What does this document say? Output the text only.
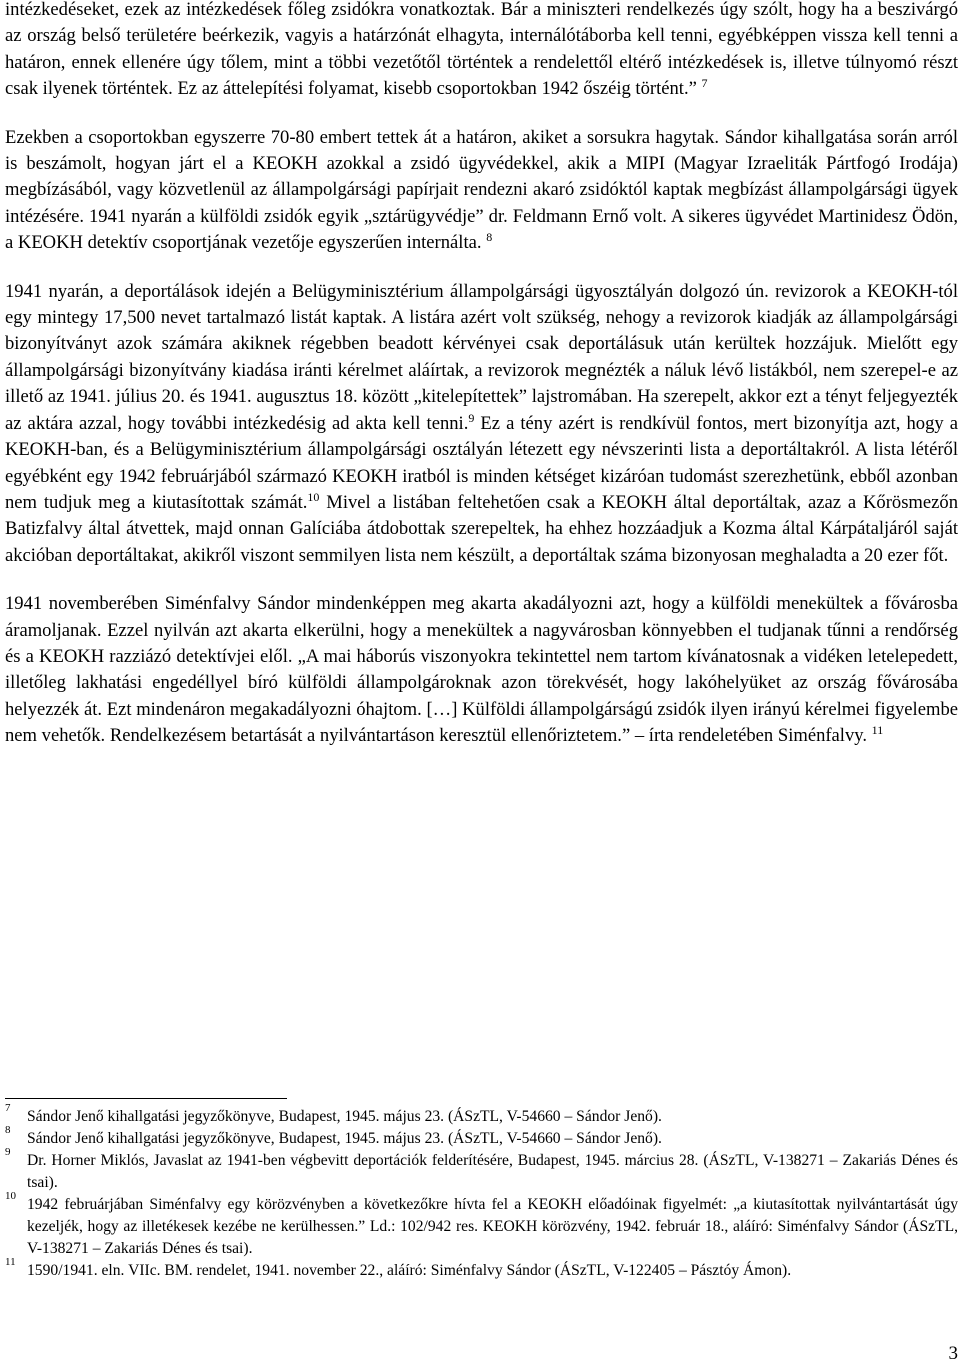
intézkedéseket, ezek az intézkedések főleg zsidókra vonatkoztak. Bár a miniszteri rendelkezés úgy szólt, hogy ha a beszivárgó az ország belső területére beérkezik, vagyis a határzónát elhagyta, internálótáborba kell tenni, egyébképpen vissza kell tenni a határon, ennek ellenére úgy tőlem, mint a többi vezetőtől történtek a rendelettől eltérő intézkedések is, illetve túlnyomó részt csak ilyenek történtek. Ez az áttelepítési folyamat, kisebb csoportokban 1942 őszéig történt.” $^7$

Ezekben a csoportokban egyszerre 70-80 embert tettek át a határon, akiket a sorsukra hagytak. Sándor kihallgatása során arról is beszámolt, hogyan járt el a KEOKH azokkal a zsidó ügyvédekkel, akik a MIPI (Magyar Izraeliták Pártfogó Irodája) megbízásából, vagy közvetlenül az állampolgársági papírjait rendezni akaró zsidóktól kaptak megbízást állampolgársági ügyek intézésére. 1941 nyarán a külföldi zsidók egyik „sztárügyvédje” dr. Feldmann Ernő volt. A sikeres ügyvédet Martinidesz Ödön, a KEOKH detektív csoportjának vezetője egyszerűen internálta. $^8$

1941 nyarán, a deportálások idején a Belügyminisztérium állampolgársági ügyosztályán dolgozó ún. revizorok a KEOKH-tól egy mintegy 17,500 nevet tartalmazó listát kaptak. A listára azért volt szükség, nehogy a revizorok kiadják az állampolgársági bizonyítványt azok számára akiknek régebben beadott kérvényei csak deportálásuk után kerültek hozzájuk. Mielőtt egy állampolgársági bizonyítvány kiadása iránti kérelmet aláírtak, a revizorok megnézték a náluk lévő listákból, nem szerepel-e az illető az 1941. július 20. és 1941. augusztus 18. között „kitelepítettek” lajstromában. Ha szerepelt, akkor ezt a tényt feljegyezték az aktára azzal, hogy további intézkedésig ad akta kell tenni.$^9$ Ez a tény azért is rendkívül fontos, mert bizonyítja azt, hogy a KEOKH-ban, és a Belügyminisztérium állampolgársági osztályán létezett egy névszerinti lista a deportáltakról. A lista létéről egyébként egy 1942 februárjából származó KEOKH iratból is minden kétséget kizáróan tudomást szerezhetünk, ebből azonban nem tudjuk meg a kiutasítottak számát.$^{10}$ Mivel a listában feltehetően csak a KEOKH által deportáltak, azaz a Kőrösmezőn Batizfalvy által átvettek, majd onnan Galíciába átdobottak szerepeltek, ha ehhez hozzáadjuk a Kozma által Kárpátaljáról saját akcióban deportáltakat, akikről viszont semmilyen lista nem készült, a deportáltak száma bizonyosan meghaladta a 20 ezer főt.

1941 novemberében Siménfalvy Sándor mindenképpen meg akarta akadályozni azt, hogy a külföldi menekültek a fővárosba áramoljanak. Ezzel nyilván azt akarta elkerülni, hogy a menekültek a nagyvárosban könnyebben el tudjanak tűnni a rendőrség és a KEOKH razziázó detektívjei elől. „A mai háborús viszonyokra tekintettel nem tartom kívánatosnak a vidéken letelepedett, illetőleg lakhatási engedéllyel bíró külföldi állampolgároknak azon törekvését, hogy lakóhelyüket az ország fővárosába helyezzék át. Ezt mindenáron megakadályozni óhajtom. […] Külföldi állampolgárságú zsidók ilyen irányú kérelmei figyelembe nem vehetők. Rendelkezésem betartását a nyilvántartáson keresztül ellenőriztetem.” – írta rendeletében Siménfalvy. $^{11}$

7 Sándor Jenő kihallgatási jegyzőkönyve, Budapest, 1945. május 23. (ÁSzTL, V-54660 – Sándor Jenő).
8 Sándor Jenő kihallgatási jegyzőkönyve, Budapest, 1945. május 23. (ÁSzTL, V-54660 – Sándor Jenő).
9 Dr. Horner Miklós, Javaslat az 1941-ben végbevitt deportációk felderítésére, Budapest, 1945. március 28. (ÁSzTL, V-138271 – Zakariás Dénes és tsai).
10 1942 februárjában Siménfalvy egy körözvényben a következőkre hívta fel a KEOKH előadóinak figyelmét: „a kiutasítottak nyilvántartását úgy kezeljék, hogy az illetékesek kezébe ne kerülhessen.” Ld.: 102/942 res. KEOKH körözvény, 1942. február 18., aláíró: Siménfalvy Sándor (ÁSzTL, V-138271 – Zakariás Dénes és tsai).
11 1590/1941. eln. VIIc. BM. rendelet, 1941. november 22., aláíró: Siménfalvy Sándor (ÁSzTL, V-122405 – Pásztóy Ámon).
3
